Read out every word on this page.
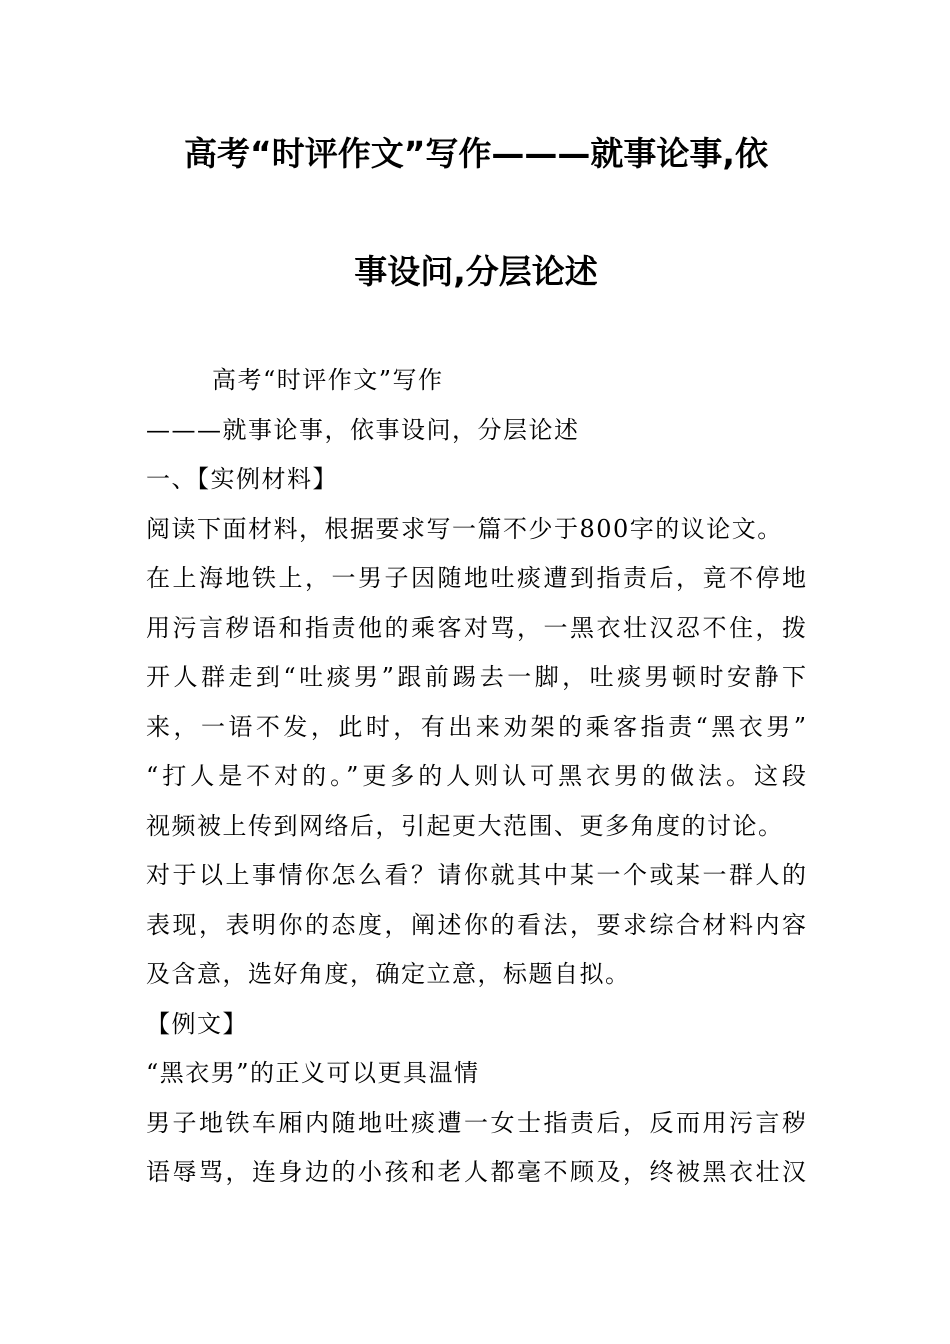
高考“时评作文”写作———就事论事,依
事设问,分层论述
高考“时评作文”写作
———就事论事，依事设问，分层论述
一、【实例材料】
阅读下面材料，根据要求写一篇不少于800字的议论文。
在上海地铁上，一男子因随地吐痰遭到指责后，竟不停地
用污言秽语和指责他的乘客对骂，一黑衣壮汉忍不住，拨
开人群走到“吐痰男”跟前踢去一脚，吐痰男顿时安静下
来，一语不发，此时，有出来劝架的乘客指责“黑衣男”
“打人是不对的。”更多的人则认可黑衣男的做法。这段
视频被上传到网络后，引起更大范围、更多角度的讨论。
对于以上事情你怎么看？请你就其中某一个或某一群人的
表现，表明你的态度，阐述你的看法，要求综合材料内容
及含意，选好角度，确定立意，标题自拟。
【例文】
“黑衣男”的正义可以更具温情
男子地铁车厢内随地吐痰遭一女士指责后，反而用污言秽
语辱骂，连身边的小孩和老人都毫不顾及，终被黑衣壮汉
